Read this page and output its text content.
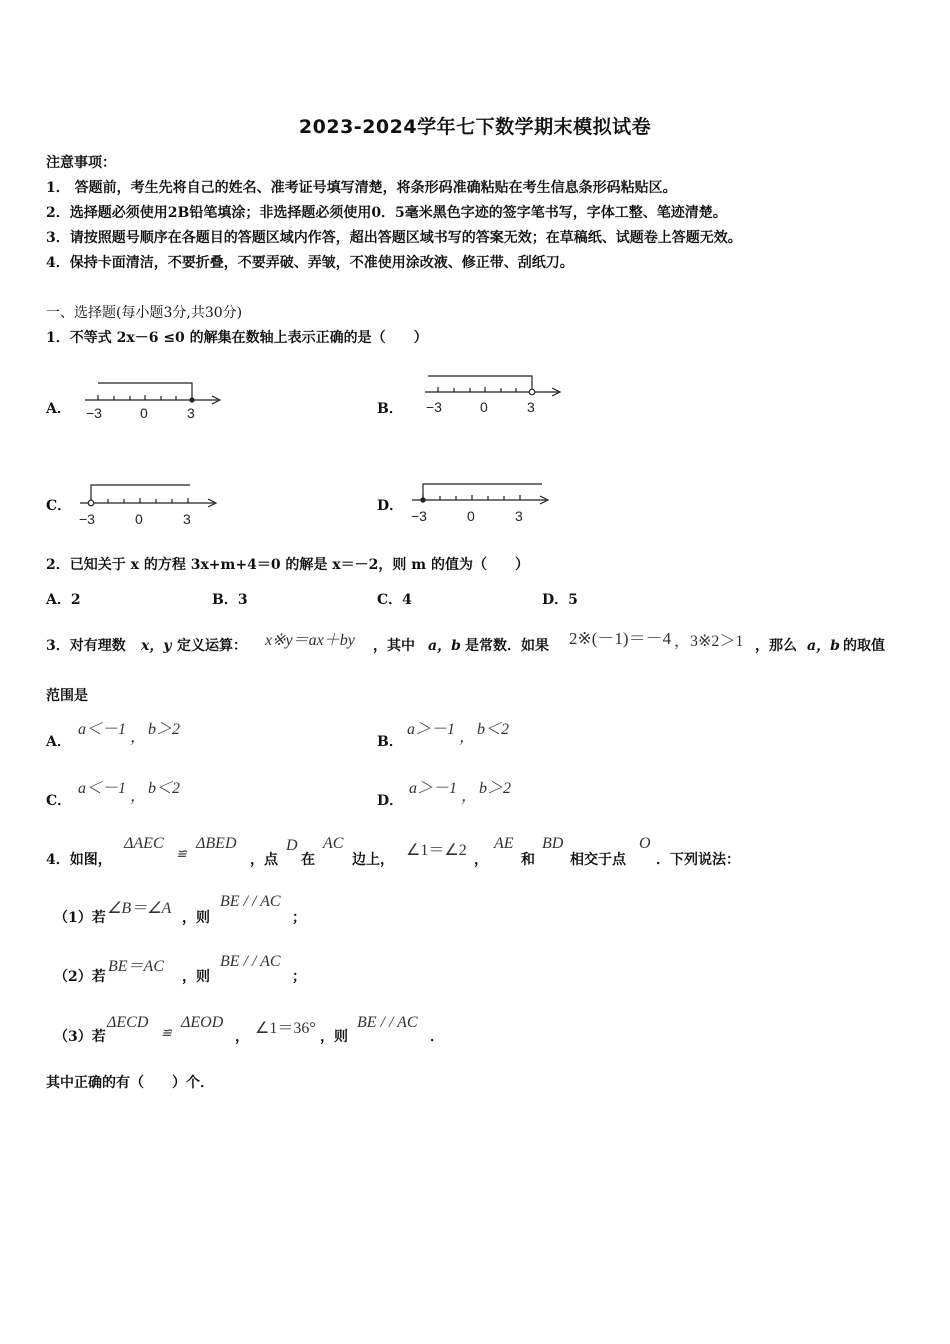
2023-2024学年七下数学期末模拟试卷
注意事项：
1． 答题前，考生先将自己的姓名、准考证号填写清楚，将条形码准确粘贴在考生信息条形码粘贴区。
2．选择题必须使用2B铅笔填涂；非选择题必须使用0．5毫米黑色字迹的签字笔书写，字体工整、笔迹清楚。
3．请按照题号顺序在各题目的答题区域内作答，超出答题区域书写的答案无效；在草稿纸、试题卷上答题无效。
4．保持卡面清洁，不要折叠，不要弄破、弄皱，不准使用涂改液、修正带、刮纸刀。
一、选择题(每小题3分,共30分)
1．不等式 2x－6 ≤0 的解集在数轴上表示正确的是（　　）
A． −3	0	3	B． −3	0	3
C．
−3	0	3
D．
−3	0	3
2．已知关于 x 的方程 3x+m+4＝0 的解是 x＝－2，则 m 的值为（　　）
A．2	B．3	C．4	D．5
3．对有理数 x，y 定义运算： x※y＝ax＋by ，其中 a，b 是常数．如果 2※(－1)＝－4 ， 3※2＞1 ，那么 a，b 的取值
范围是
A．
a＜－1 ， b＞2
B．
a＞－1 ， b＜2
C．
a＜－1 ， b＜2
D．
a＞－1 ， b＞2
4．如图，
ΔAEC
≌
ΔBED
，点
D
在
AC
边上，
∠1＝∠2
，
AE
和
BD
相交于点
O
．下列说法：
（1）若
∠B＝∠A
，则
BE / / AC
；
（2）若
BE＝AC
，则
BE / / AC
；
（3）若
ΔECD
≌
ΔEOD
， ∠1＝36° ，则
BE / / AC
．
其中正确的有（　　）个．
